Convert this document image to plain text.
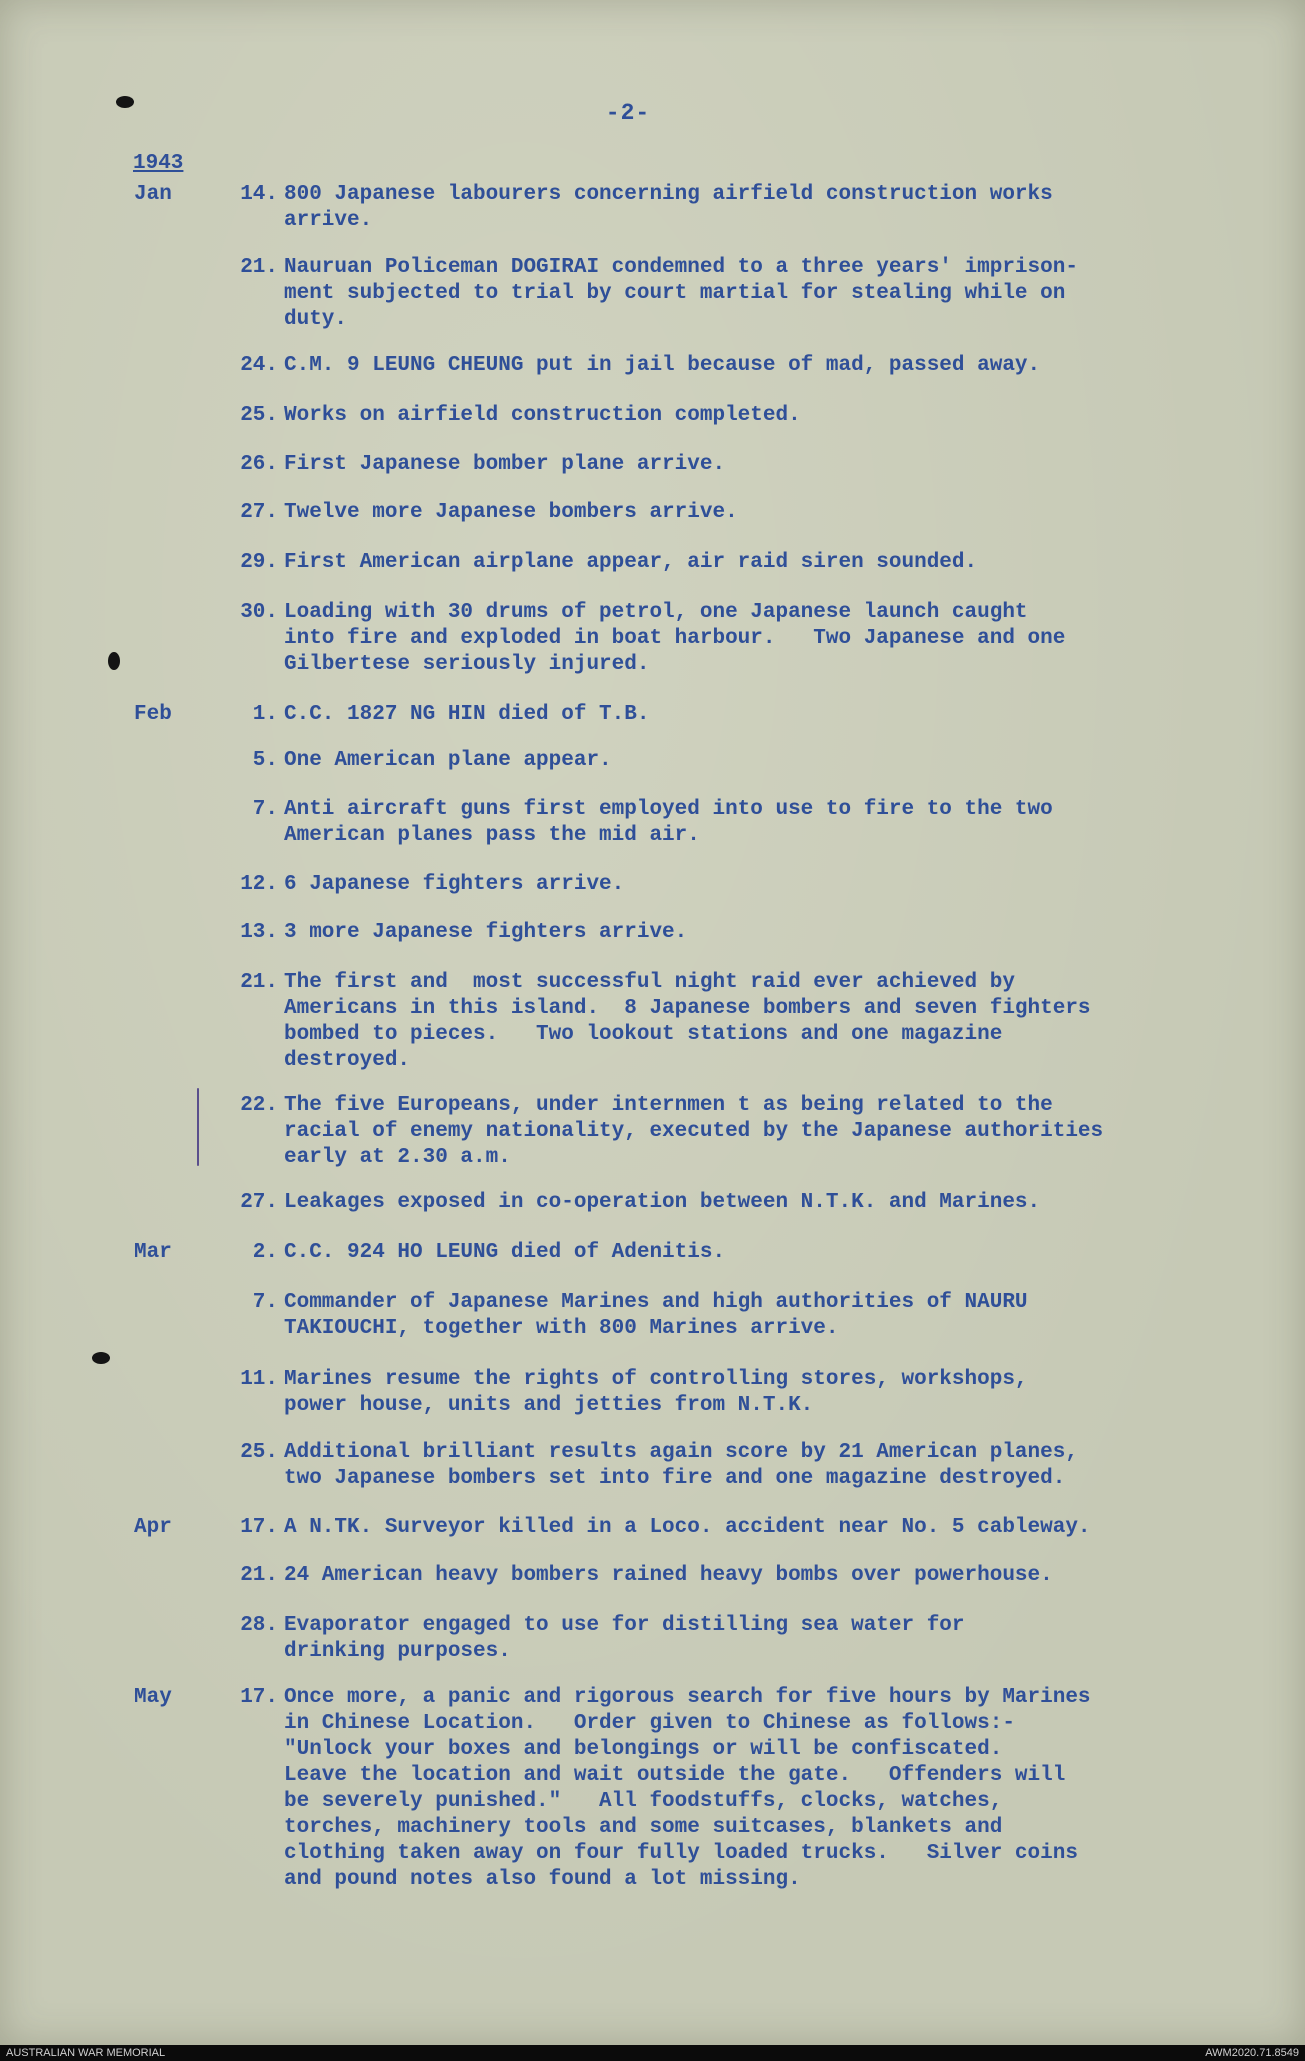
-2-
1943
Jan	14. 800 Japanese labourers concerning airfield construction works
arrive.
21. Nauruan Policeman DOGIRAI condemned to a three years' imprison-
ment subjected to trial by court martial for stealing while on
duty.
24. C.M. 9 LEUNG CHEUNG put in jail because of mad, passed away.
25. Works on airfield construction completed.
26. First Japanese bomber plane arrive.
27. Twelve more Japanese bombers arrive.
29. First American airplane appear, air raid siren sounded.
30. Loading with 30 drums of petrol, one Japanese launch caught
into fire and exploded in boat harbour.   Two Japanese and one
Gilbertese seriously injured.
Feb	1. C.C. 1827 NG HIN died of T.B.
5. One American plane appear.
7. Anti aircraft guns first employed into use to fire to the two
American planes pass the mid air.
12. 6 Japanese fighters arrive.
13. 3 more Japanese fighters arrive.
21. The first and  most successful night raid ever achieved by
Americans in this island.  8 Japanese bombers and seven fighters
bombed to pieces.   Two lookout stations and one magazine
destroyed.
22. The five Europeans, under internmen t as being related to the
racial of enemy nationality, executed by the Japanese authorities
early at 2.30 a.m.
27. Leakages exposed in co-operation between N.T.K. and Marines.
Mar	2. C.C. 924 HO LEUNG died of Adenitis.
7. Commander of Japanese Marines and high authorities of NAURU
TAKIOUCHI, together with 800 Marines arrive.
11. Marines resume the rights of controlling stores, workshops,
power house, units and jetties from N.T.K.
25. Additional brilliant results again score by 21 American planes,
two Japanese bombers set into fire and one magazine destroyed.
Apr	17. A N.TK. Surveyor killed in a Loco. accident near No. 5 cableway.
21. 24 American heavy bombers rained heavy bombs over powerhouse.
28. Evaporator engaged to use for distilling sea water for
drinking purposes.
May	17. Once more, a panic and rigorous search for five hours by Marines
in Chinese Location.   Order given to Chinese as follows:-
"Unlock your boxes and belongings or will be confiscated.
Leave the location and wait outside the gate.   Offenders will
be severely punished."   All foodstuffs, clocks, watches,
torches, machinery tools and some suitcases, blankets and
clothing taken away on four fully loaded trucks.   Silver coins
and pound notes also found a lot missing.
AUSTRALIAN WAR MEMORIAL	AWM2020.71.8549
